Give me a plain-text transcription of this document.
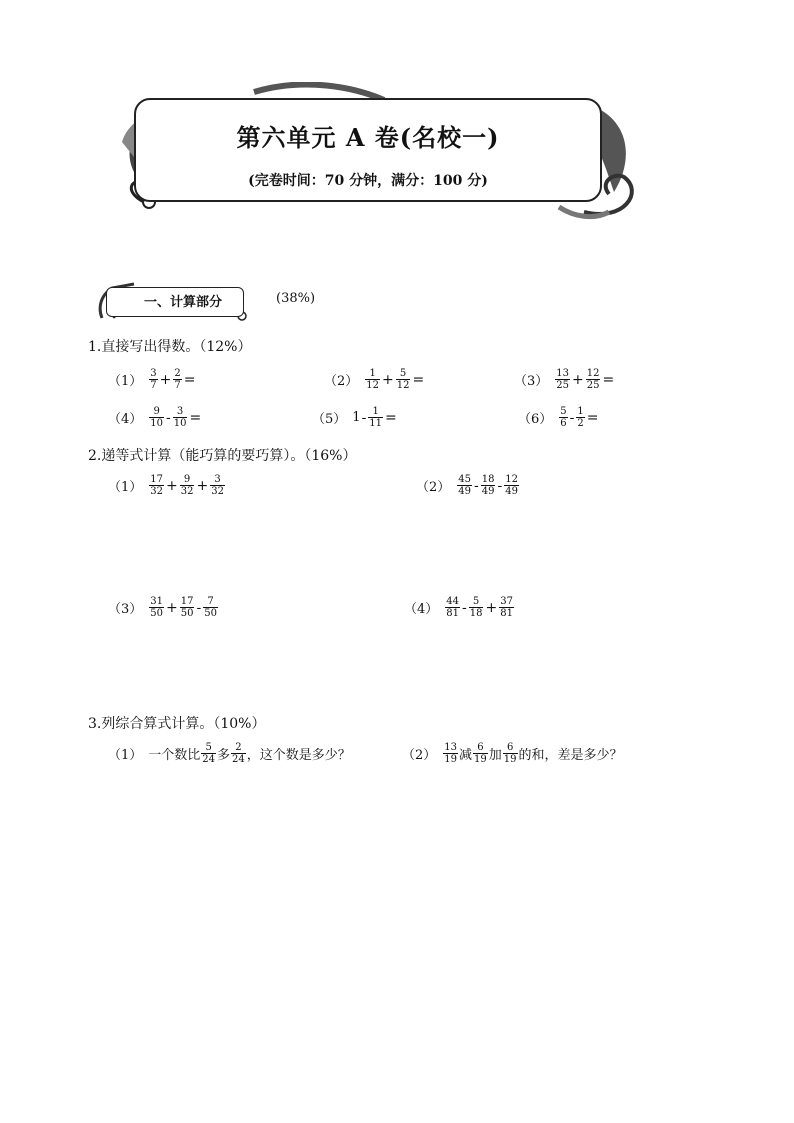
第六单元 A 卷(名校一)
(完卷时间：70 分钟，满分：100 分)
一、计算部分	(38%)
1.直接写出得数。（12%）
$(1) \frac{3}{7} + \frac{2}{7}$ =	$(2) \frac{1}{12} + \frac{5}{12}$ =	$(3) \frac{13}{25} + \frac{12}{25}$ =
$(4) \frac{9}{10} - \frac{3}{10}$ =	（5） $1 - \frac{1}{11}$ =	$(6) \frac{5}{6} - \frac{1}{2}$ =
2.递等式计算（能巧算的要巧算）。（16%）
$(1) \frac{17}{32} + \frac{9}{32} + \frac{3}{32}$	$(2) \frac{45}{49} - \frac{18}{49} - \frac{12}{49}$
$(3) \frac{31}{50} + \frac{17}{50} - \frac{7}{50}$	$(4) \frac{44}{81} - \frac{5}{18} + \frac{37}{81}$
3.列综合算式计算。（10%）
（1） 一个数比 $\frac{5}{24}$ 多 $\frac{2}{24}$ ，这个数是多少？	$(2) \frac{13}{19}$ 减 $\frac{6}{19}$ 加 $\frac{6}{19}$ 的和，差是多少？
